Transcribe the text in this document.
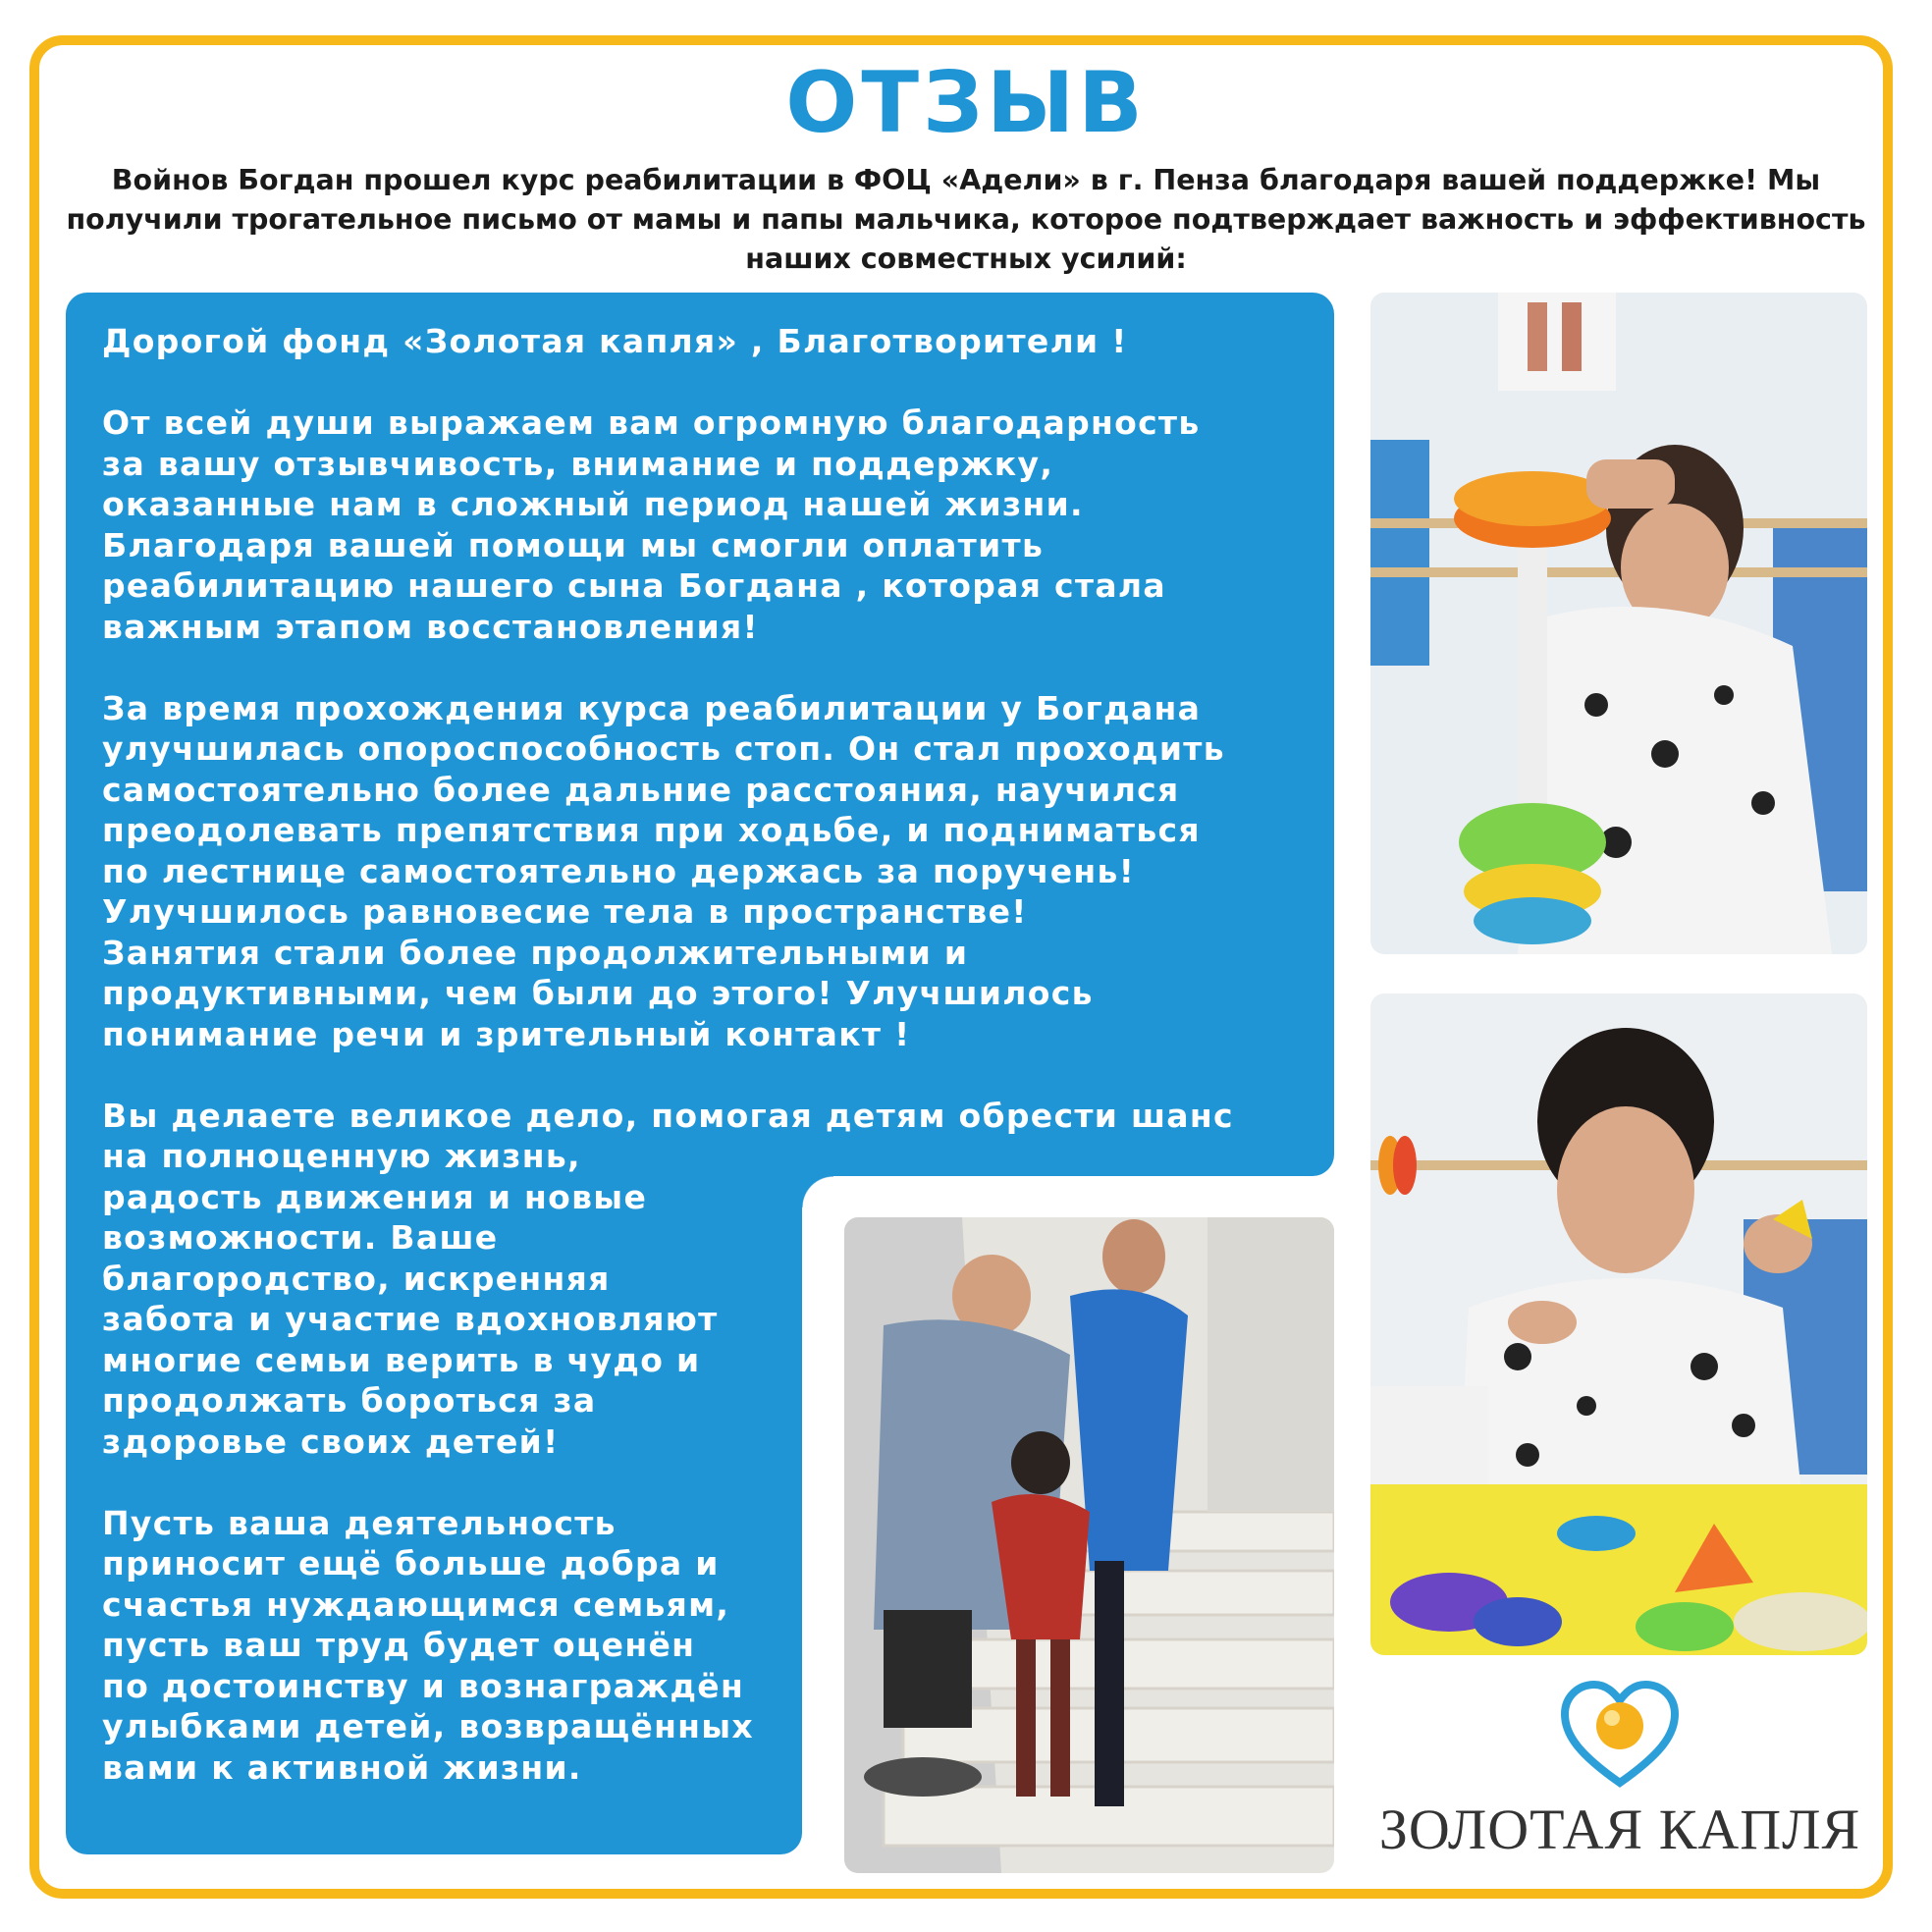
ОТЗЫВ

Войнов Богдан прошел курс реабилитации в ФОЦ «Адели» в г. Пенза благодаря вашей поддержке! Мы получили трогательное письмо от мамы и папы мальчика, которое подтверждает важность и эффективность наших совместных усилий:

Дорогой фонд «Золотая капля» , Благотворители !

От всей души выражаем вам огромную благодарность
за вашу отзывчивость, внимание и поддержку,
оказанные нам в сложный период нашей жизни.
Благодаря вашей помощи мы смогли оплатить
реабилитацию нашего сына Богдана , которая стала
важным этапом восстановления!

За время прохождения курса реабилитации у Богдана
улучшилась опороспособность стоп. Он стал проходить
самостоятельно более дальние расстояния, научился
преодолевать препятствия при ходьбе, и подниматься
по лестнице самостоятельно держась за поручень!
Улучшилось равновесие тела в пространстве!
Занятия стали более продолжительными и
продуктивными, чем были до этого! Улучшилось
понимание речи и зрительный контакт !

Вы делаете великое дело, помогая детям обрести шанс
на полноценную жизнь,
радость движения и новые
возможности. Ваше
благородство, искренняя
забота и участие вдохновляют
многие семьи верить в чудо и
продолжать бороться за
здоровье своих детей!

Пусть ваша деятельность
приносит ещё больше добра и
счастья нуждающимся семьям,
пусть ваш труд будет оценён
по достоинству и вознаграждён
улыбками детей, возвращённых
вами к активной жизни.

ЗОЛОТАЯ КАПЛЯ
